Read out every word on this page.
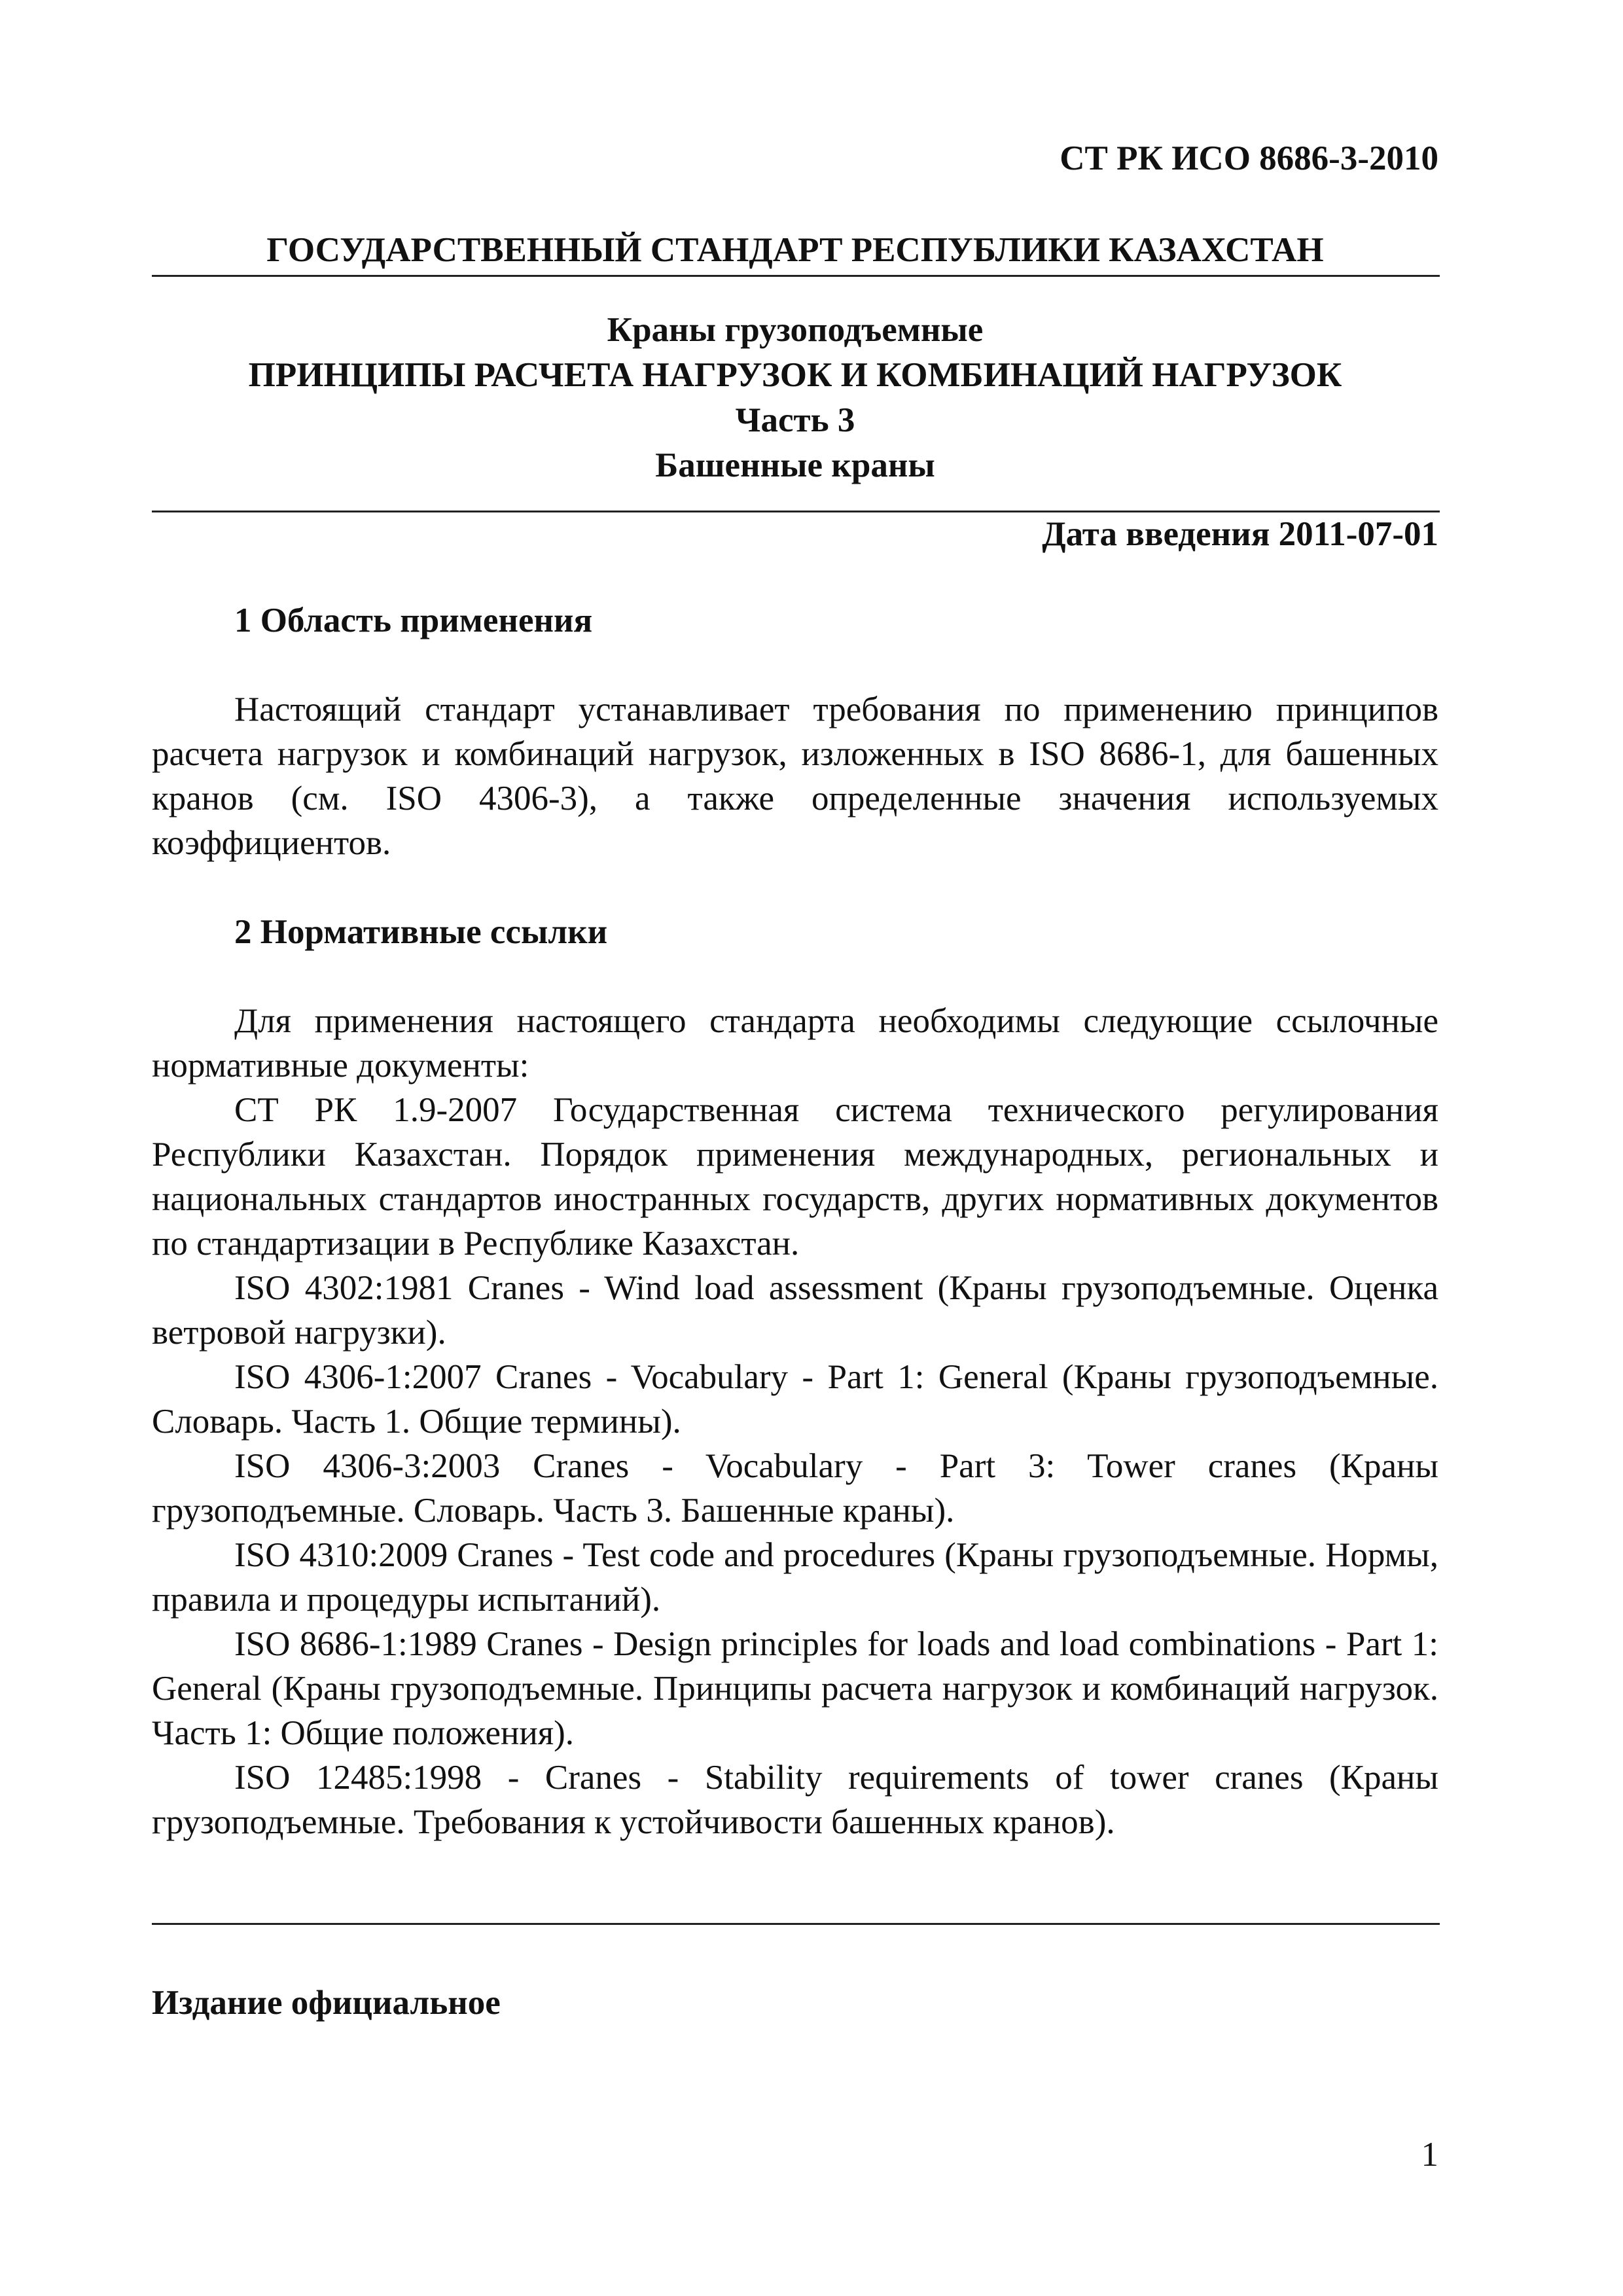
СТ РК ИСО 8686-3-2010
ГОСУДАРСТВЕННЫЙ СТАНДАРТ РЕСПУБЛИКИ КАЗАХСТАН
Краны грузоподъемные
ПРИНЦИПЫ РАСЧЕТА НАГРУЗОК И КОМБИНАЦИЙ НАГРУЗОК
Часть 3
Башенные краны
Дата введения 2011-07-01
1 Область применения

Настоящий стандарт устанавливает требования по применению принципов расчета нагрузок и комбинаций нагрузок, изложенных в ISO 8686-1, для башенных кранов (см. ISO 4306-3), а также определенные значения используемых коэффициентов.

2 Нормативные ссылки

Для применения настоящего стандарта необходимы следующие ссылочные нормативные документы:

СТ РК 1.9-2007 Государственная система технического регулирования Республики Казахстан. Порядок применения международных, региональных и национальных стандартов иностранных государств, других нормативных документов по стандартизации в Республике Казахстан.

ISO 4302:1981 Cranes - Wind load assessment (Краны грузоподъемные. Оценка ветровой нагрузки).

ISO 4306-1:2007 Cranes - Vocabulary - Part 1: General (Краны грузоподъемные. Словарь. Часть 1. Общие термины).

ISO 4306-3:2003 Cranes - Vocabulary - Part 3: Tower cranes (Краны грузоподъемные. Словарь. Часть 3. Башенные краны).

ISO 4310:2009 Cranes - Test code and procedures (Краны грузоподъемные. Нормы, правила и процедуры испытаний).

ISO 8686-1:1989 Cranes - Design principles for loads and load combinations - Part 1: General (Краны грузоподъемные. Принципы расчета нагрузок и комбинаций нагрузок. Часть 1: Общие положения).

ISO 12485:1998 - Cranes - Stability requirements of tower cranes (Краны грузоподъемные. Требования к устойчивости башенных кранов).

Издание официальное
1
